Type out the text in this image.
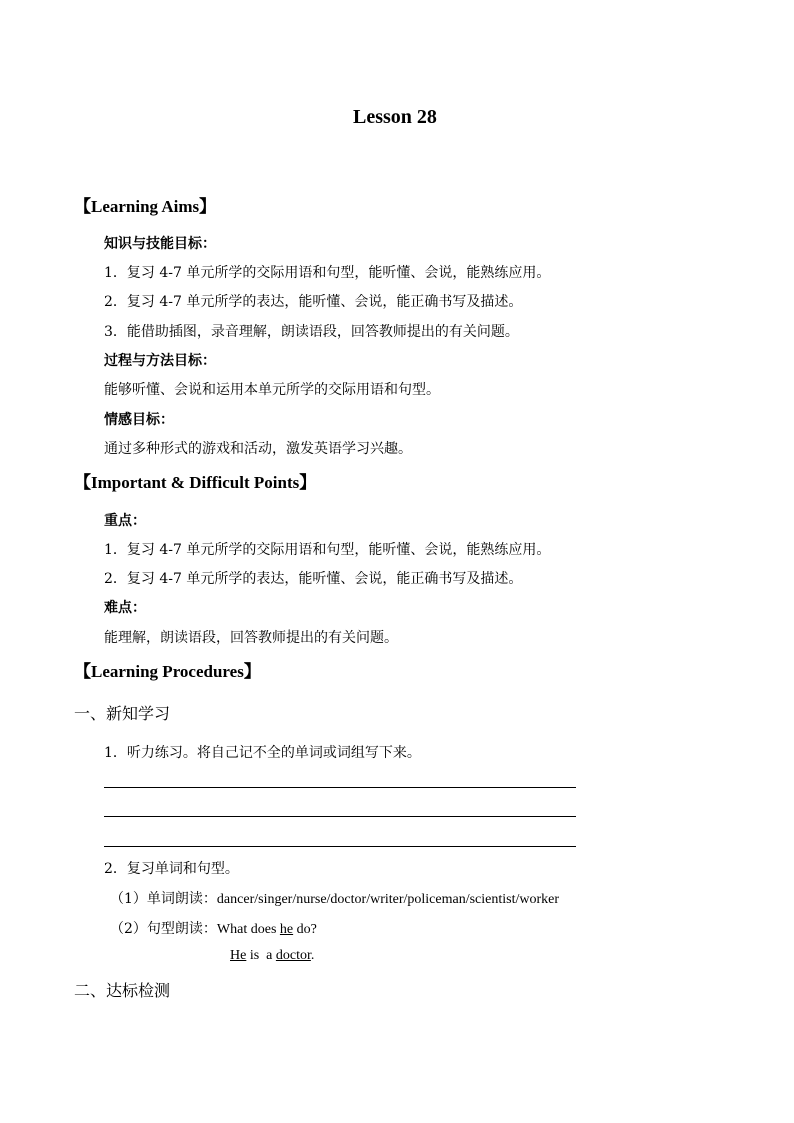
Lesson 28
【Learning Aims】
知识与技能目标：
1．复习 4-7 单元所学的交际用语和句型，能听懂、会说，能熟练应用。
2．复习 4-7 单元所学的表达，能听懂、会说，能正确书写及描述。
3．能借助插图，录音理解，朗读语段，回答教师提出的有关问题。
过程与方法目标：
能够听懂、会说和运用本单元所学的交际用语和句型。
情感目标：
通过多种形式的游戏和活动，激发英语学习兴趣。
【Important & Difficult Points】
重点：
1．复习 4-7 单元所学的交际用语和句型，能听懂、会说，能熟练应用。
2．复习 4-7 单元所学的表达，能听懂、会说，能正确书写及描述。
难点：
能理解，朗读语段，回答教师提出的有关问题。
【Learning Procedures】
一、新知学习
1．听力练习。将自己记不全的单词或词组写下来。
2．复习单词和句型。
（1）单词朗读：dancer/singer/nurse/doctor/writer/policeman/scientist/worker
（2）句型朗读：What does he do?
He is  a doctor.
二、达标检测
